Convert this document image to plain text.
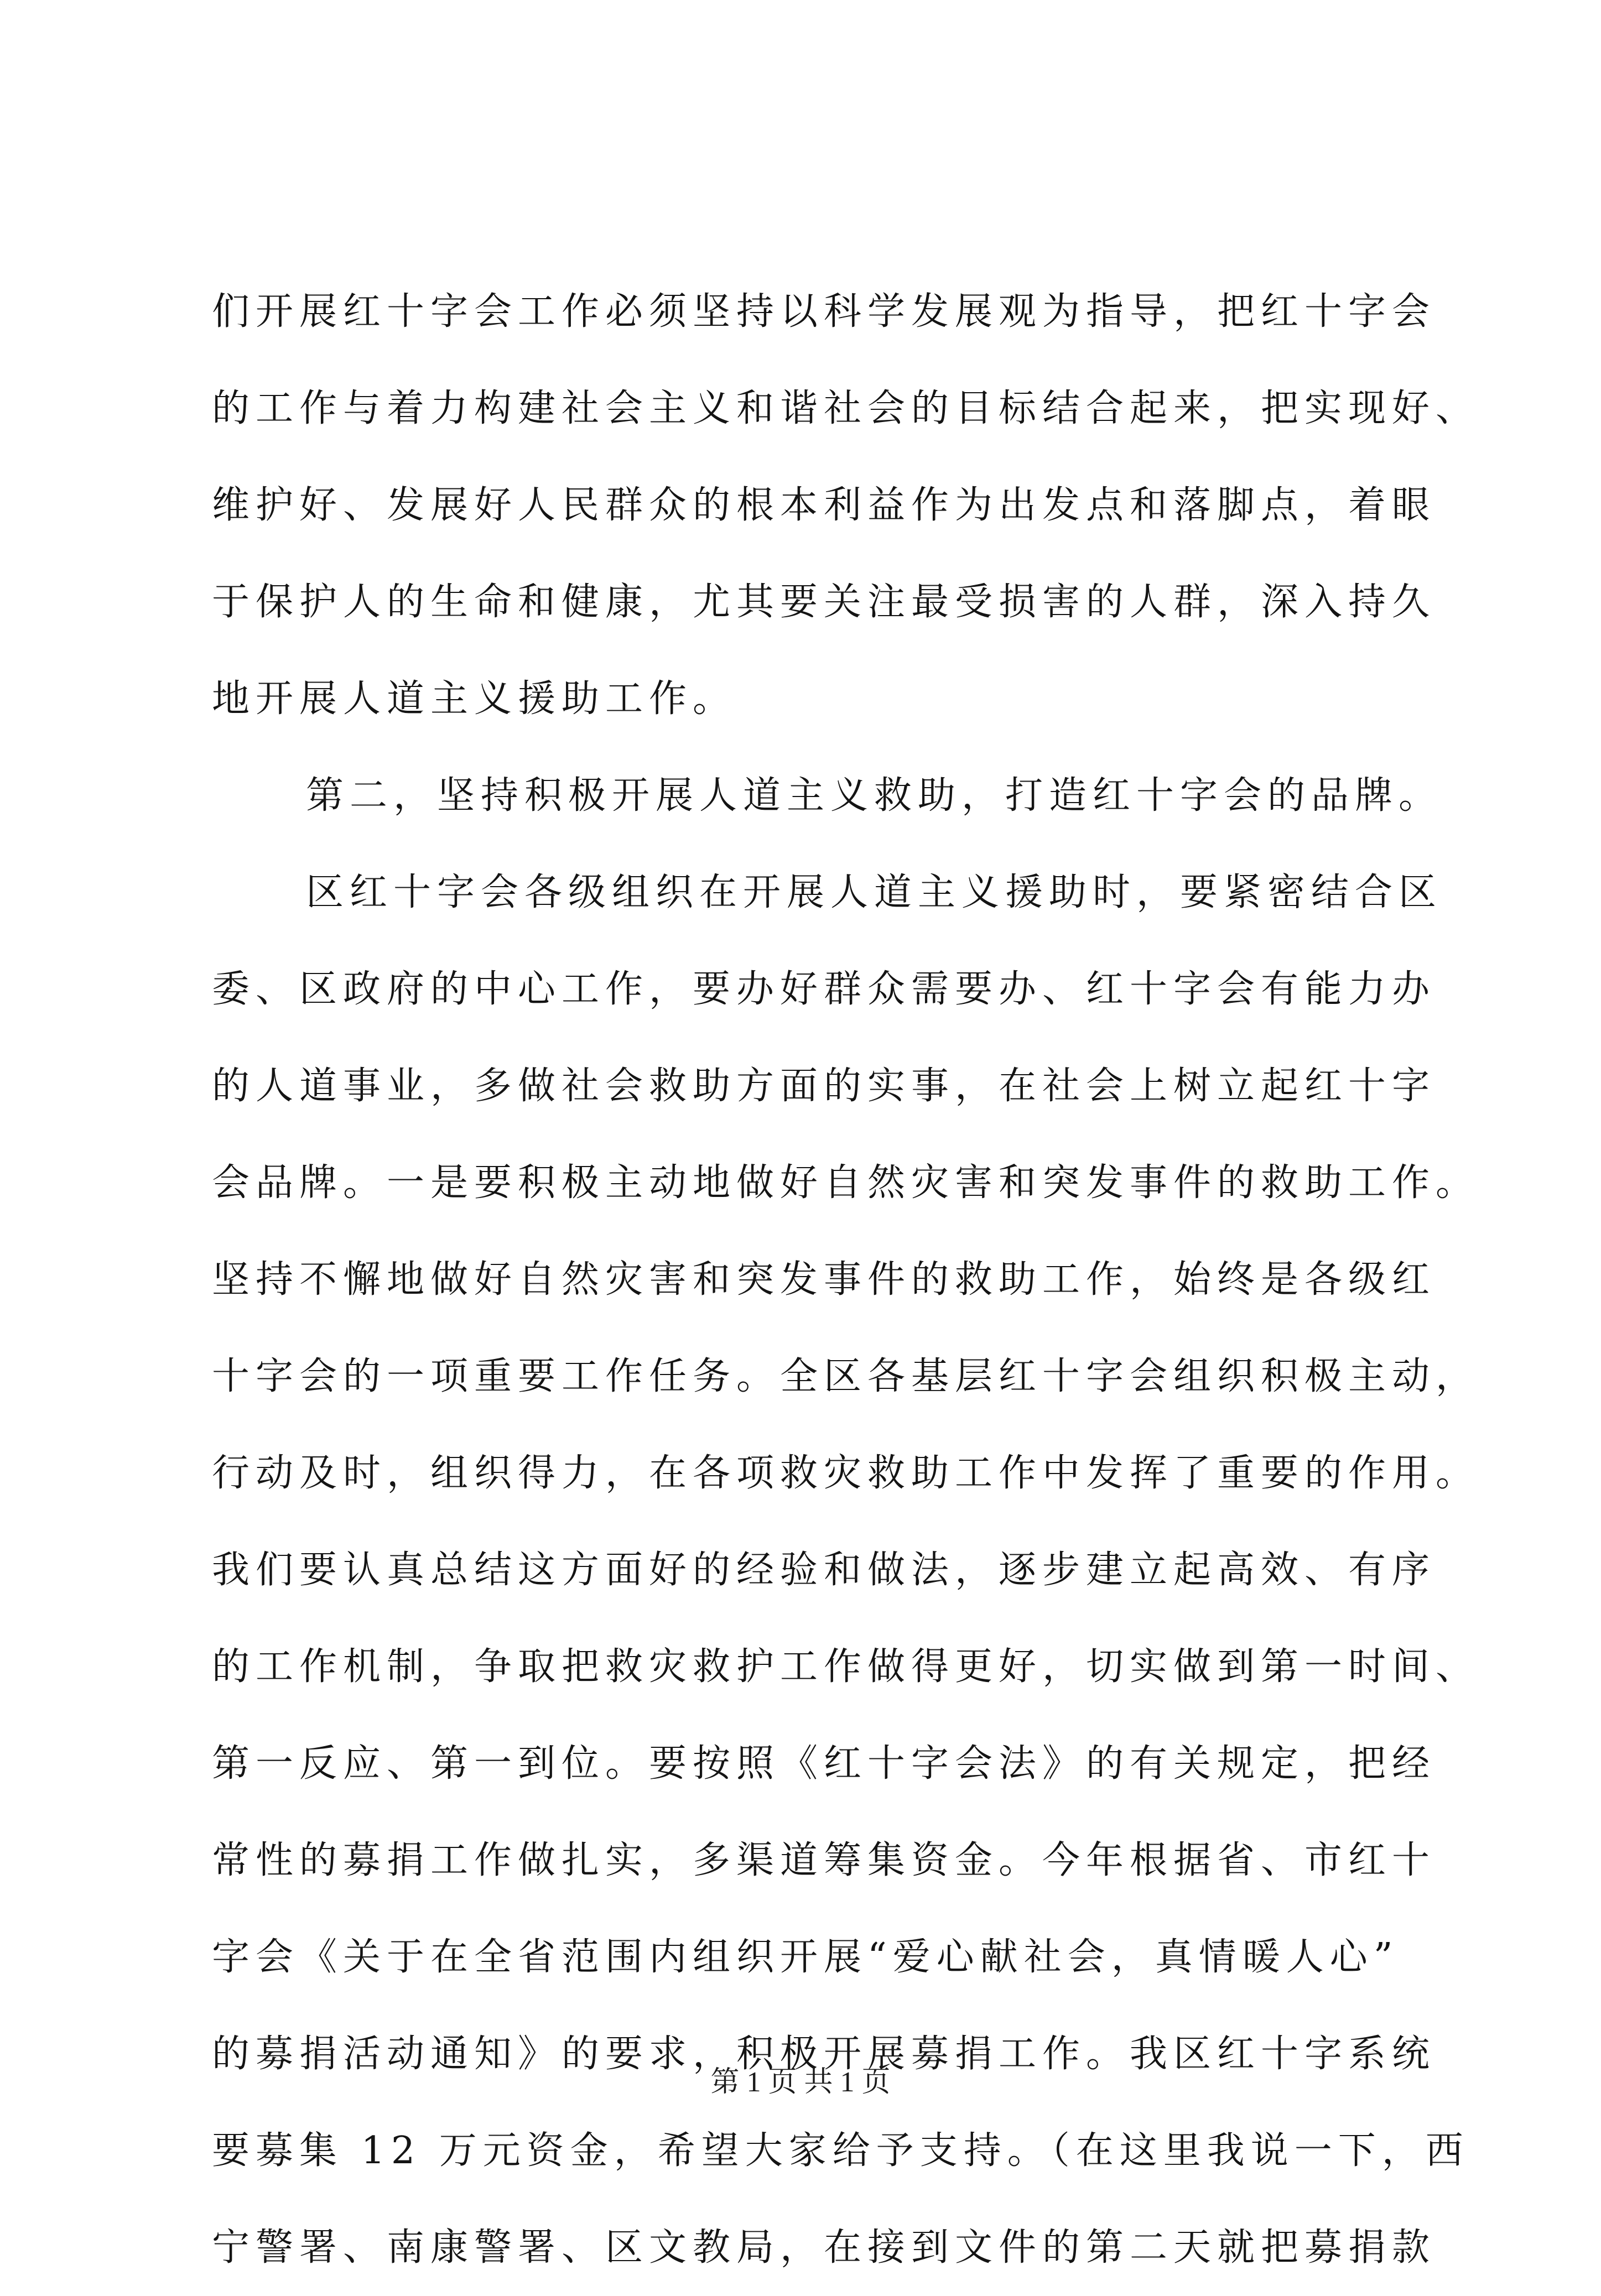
们开展红十字会工作必须坚持以科学发展观为指导，把红十字会
的工作与着力构建社会主义和谐社会的目标结合起来，把实现好、
维护好、发展好人民群众的根本利益作为出发点和落脚点，着眼
于保护人的生命和健康，尤其要关注最受损害的人群，深入持久
地开展人道主义援助工作。
第二，坚持积极开展人道主义救助，打造红十字会的品牌。
区红十字会各级组织在开展人道主义援助时，要紧密结合区
委、区政府的中心工作，要办好群众需要办、红十字会有能力办
的人道事业，多做社会救助方面的实事，在社会上树立起红十字
会品牌。一是要积极主动地做好自然灾害和突发事件的救助工作。
坚持不懈地做好自然灾害和突发事件的救助工作，始终是各级红
十字会的一项重要工作任务。全区各基层红十字会组织积极主动，
行动及时，组织得力，在各项救灾救助工作中发挥了重要的作用。
我们要认真总结这方面好的经验和做法，逐步建立起高效、有序
的工作机制，争取把救灾救护工作做得更好，切实做到第一时间、
第一反应、第一到位。要按照《红十字会法》的有关规定，把经
常性的募捐工作做扎实，多渠道筹集资金。今年根据省、市红十
字会《关于在全省范围内组织开展“爱心献社会，真情暖人心”
的募捐活动通知》的要求，积极开展募捐工作。我区红十字系统
要募集 12 万元资金，希望大家给予支持。（在这里我说一下，西
宁警署、南康警署、区文教局，在接到文件的第二天就把募捐款
第 1 页 共 1 页
